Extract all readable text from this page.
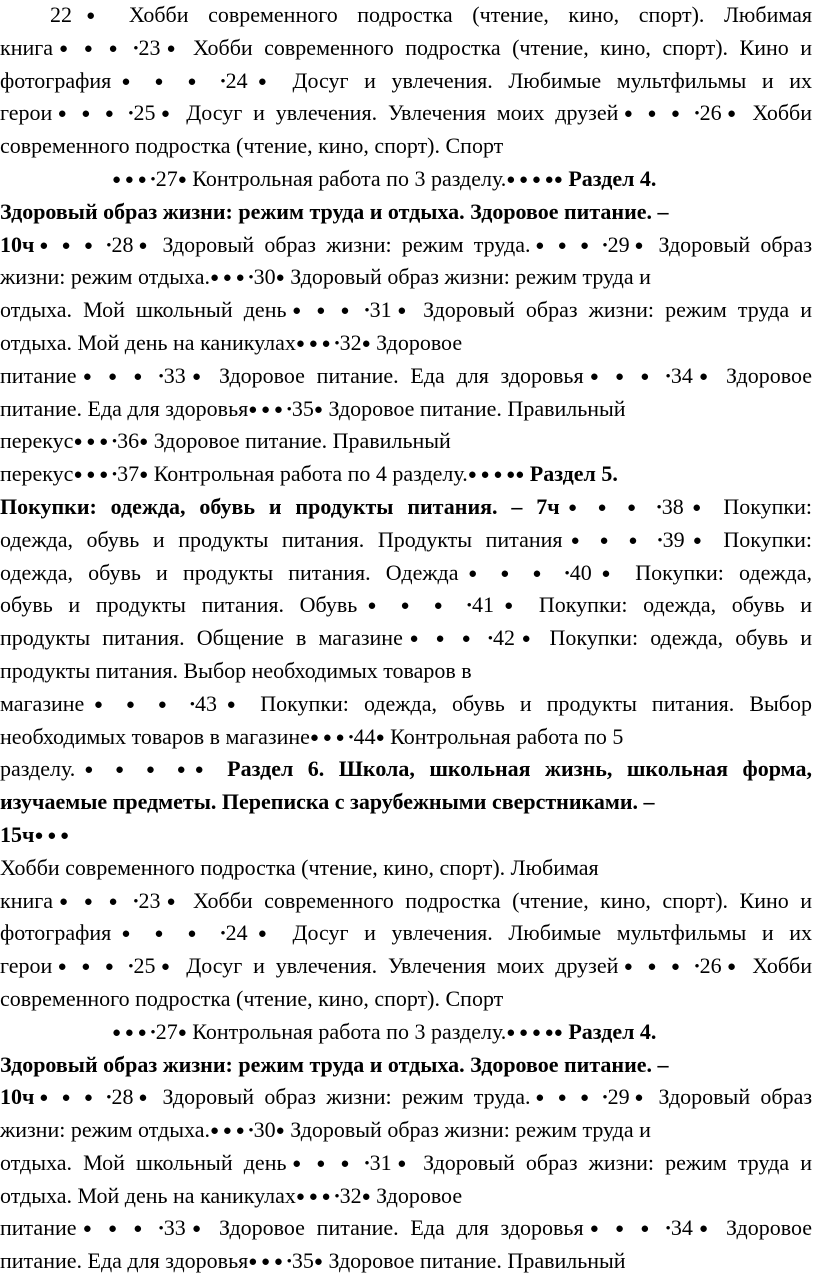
22● Хобби современного подростка (чтение, кино, спорт). Любимая
книга● ● ● •23● Хобби современного подростка (чтение, кино, спорт). Кино и
фотография● ● ● •24● Досуг и увлечения. Любимые мультфильмы и их
герои● ● ● •25● Досуг и увлечения. Увлечения моих друзей● ● ● •26● Хобби
современного подростка (чтение, кино, спорт). Спорт
● ● ● •27● Контрольная работа по 3 разделу.● ● ● ●● Раздел 4.
Здоровый образ жизни: режим труда и отдыха. Здоровое питание. –
10ч● ● ● •28● Здоровый образ жизни: режим труда.● ● ● •29● Здоровый образ
жизни: режим отдыха.● ● ● •30● Здоровый образ жизни: режим труда и
отдыха. Мой школьный день● ● ● •31● Здоровый образ жизни: режим труда и
отдыха. Мой день на каникулах● ● ● •32● Здоровое
питание● ● ● •33● Здоровое питание. Еда для здоровья● ● ● •34● Здоровое
питание. Еда для здоровья● ● ● •35● Здоровое питание. Правильный
перекус● ● ● •36● Здоровое питание. Правильный
перекус● ● ● •37● Контрольная работа по 4 разделу.● ● ● ●● Раздел 5.
Покупки: одежда, обувь и продукты питания. – 7ч● ● ● •38● Покупки:
одежда, обувь и продукты питания. Продукты питания● ● ● •39● Покупки:
одежда, обувь и продукты питания. Одежда● ● ● •40● Покупки: одежда,
обувь и продукты питания. Обувь● ● ● •41● Покупки: одежда, обувь и
продукты питания. Общение в магазине● ● ● •42● Покупки: одежда, обувь и
продукты питания. Выбор необходимых товаров в
магазине● ● ● •43● Покупки: одежда, обувь и продукты питания. Выбор
необходимых товаров в магазине● ● ● •44● Контрольная работа по 5
разделу.● ● ● ●● Раздел 6. Школа, школьная жизнь, школьная форма,
изучаемые предметы. Переписка с зарубежными сверстниками. –
15ч● ● ●
Хобби современного подростка (чтение, кино, спорт). Любимая
книга● ● ● •23● Хобби современного подростка (чтение, кино, спорт). Кино и
фотография● ● ● •24● Досуг и увлечения. Любимые мультфильмы и их
герои● ● ● •25● Досуг и увлечения. Увлечения моих друзей● ● ● •26● Хобби
современного подростка (чтение, кино, спорт). Спорт
● ● ● •27● Контрольная работа по 3 разделу.● ● ● ●● Раздел 4.
Здоровый образ жизни: режим труда и отдыха. Здоровое питание. –
10ч● ● ● •28● Здоровый образ жизни: режим труда.● ● ● •29● Здоровый образ
жизни: режим отдыха.● ● ● •30● Здоровый образ жизни: режим труда и
отдыха. Мой школьный день● ● ● •31● Здоровый образ жизни: режим труда и
отдыха. Мой день на каникулах● ● ● •32● Здоровое
питание● ● ● •33● Здоровое питание. Еда для здоровья● ● ● •34● Здоровое
питание. Еда для здоровья● ● ● •35● Здоровое питание. Правильный
